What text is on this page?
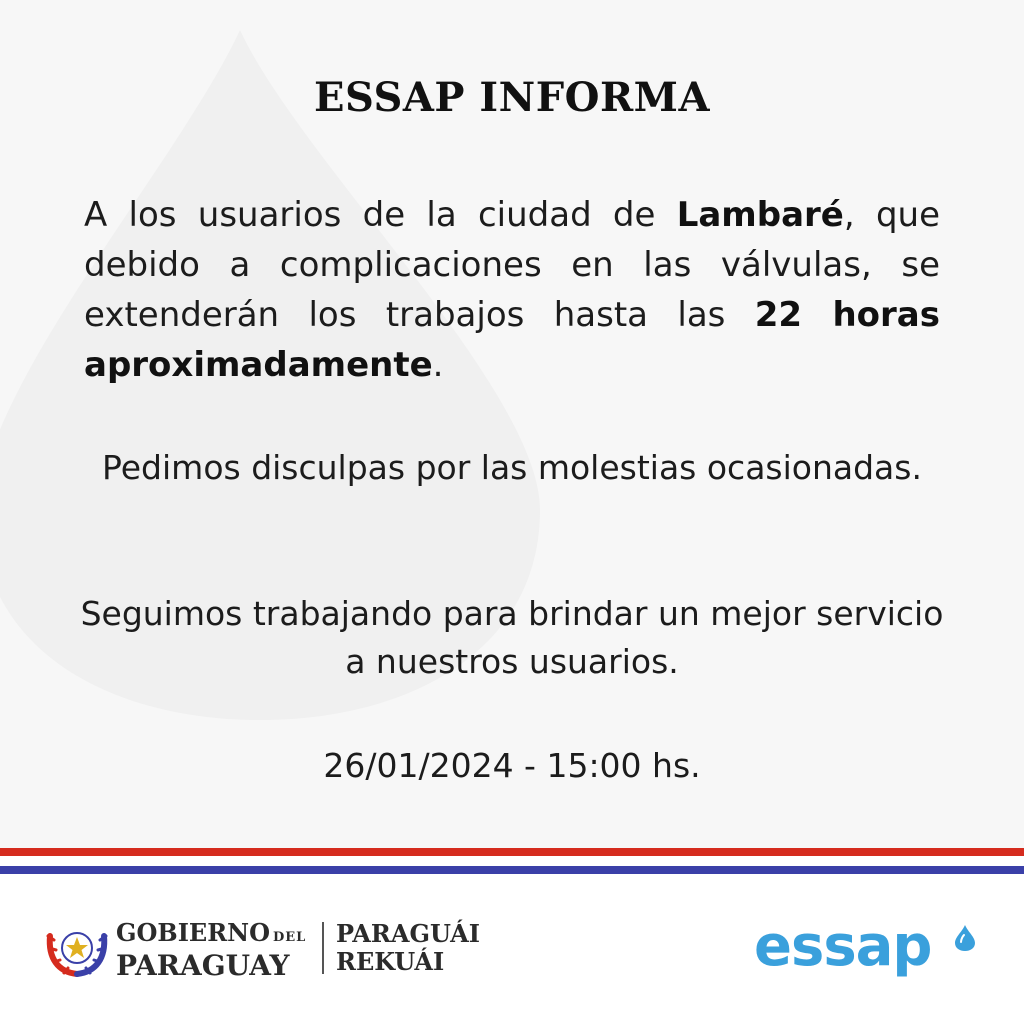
ESSAP INFORMA

A los usuarios de la ciudad de Lambaré, que debido a complicaciones en las válvulas, se extenderán los trabajos hasta las 22 horas aproximadamente.

Pedimos disculpas por las molestias ocasionadas.

Seguimos trabajando para brindar un mejor servicio a nuestros usuarios.

26/01/2024 - 15:00 hs.

GOBIERNO DEL
PARAGUAY
PARAGUÁI
REKUÁI	essap
